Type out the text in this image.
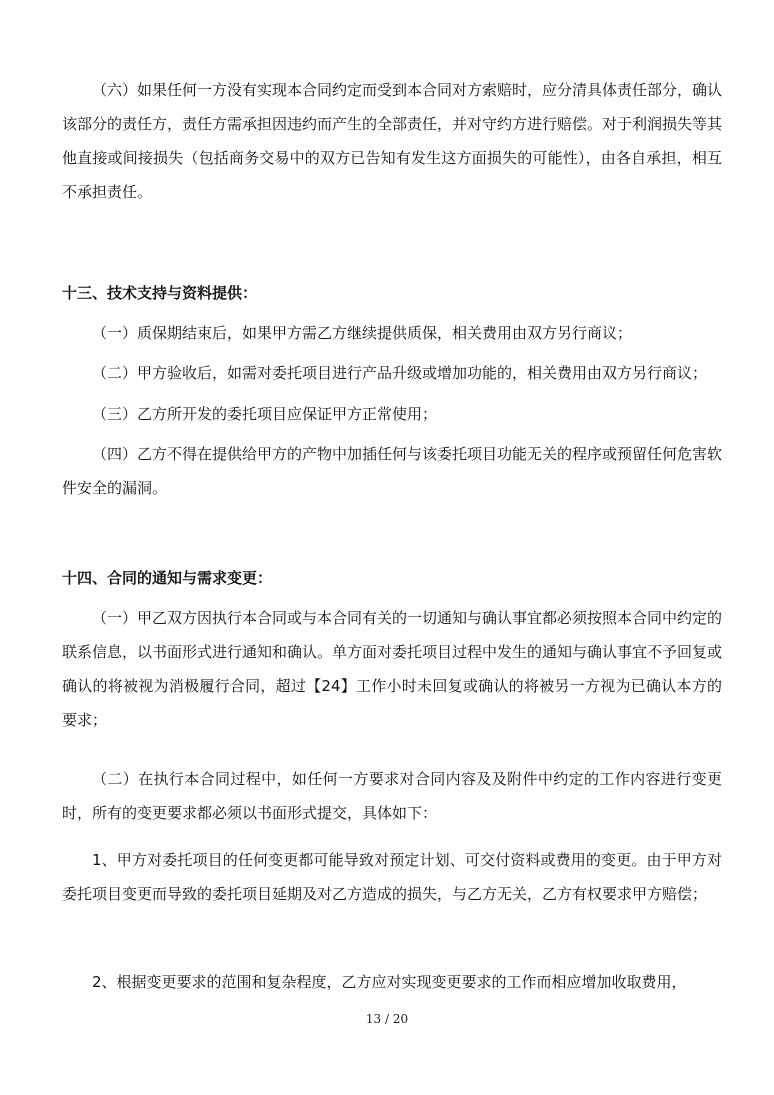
（六）如果任何一方没有实现本合同约定而受到本合同对方索赔时，应分清具体责任部分，确认该部分的责任方，责任方需承担因违约而产生的全部责任，并对守约方进行赔偿。对于利润损失等其他直接或间接损失（包括商务交易中的双方已告知有发生这方面损失的可能性），由各自承担，相互不承担责任。

十三、技术支持与资料提供：

（一）质保期结束后，如果甲方需乙方继续提供质保，相关费用由双方另行商议；

（二）甲方验收后，如需对委托项目进行产品升级或增加功能的，相关费用由双方另行商议；

（三）乙方所开发的委托项目应保证甲方正常使用；

（四）乙方不得在提供给甲方的产物中加插任何与该委托项目功能无关的程序或预留任何危害软件安全的漏洞。

十四、合同的通知与需求变更：

（一）甲乙双方因执行本合同或与本合同有关的一切通知与确认事宜都必须按照本合同中约定的联系信息，以书面形式进行通知和确认。单方面对委托项目过程中发生的通知与确认事宜不予回复或确认的将被视为消极履行合同，超过【24】工作小时未回复或确认的将被另一方视为已确认本方的要求；

（二）在执行本合同过程中，如任何一方要求对合同内容及及附件中约定的工作内容进行变更时，所有的变更要求都必须以书面形式提交，具体如下：

1、甲方对委托项目的任何变更都可能导致对预定计划、可交付资料或费用的变更。由于甲方对委托项目变更而导致的委托项目延期及对乙方造成的损失，与乙方无关，乙方有权要求甲方赔偿；

2、根据变更要求的范围和复杂程度，乙方应对实现变更要求的工作而相应增加收取费用，

13 / 20
